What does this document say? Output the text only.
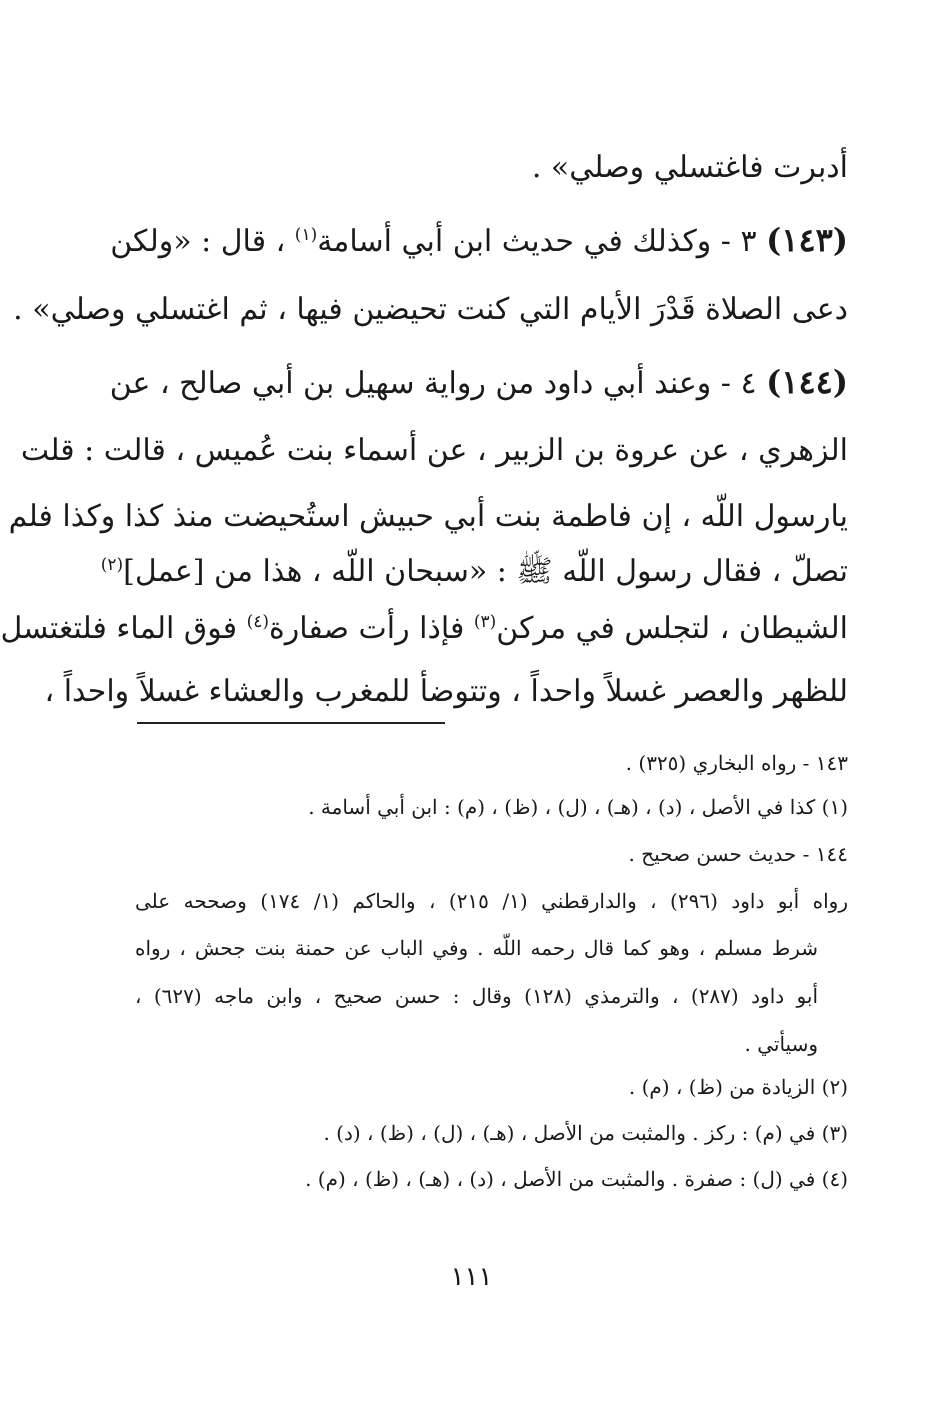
أدبرت فاغتسلي وصلي» .
(١٤٣) ٣ - وكذلك في حديث ابن أبي أسامة$^{(١)}$ ، قال : «ولكن
دعى الصلاة قَدْرَ الأيام التي كنت تحيضين فيها ، ثم اغتسلي وصلي» .
(١٤٤) ٤ - وعند أبي داود من رواية سهيل بن أبي صالح ، عن
الزهري ، عن عروة بن الزبير ، عن أسماء بنت عُميس ، قالت : قلت
يارسول اللّه ، إن فاطمة بنت أبي حبيش استُحيضت منذ كذا وكذا فلم
تصلّ ، فقال رسول اللّه ﷺ : «سبحان اللّه ، هذا من [عمل]$^{(٢)}$
الشيطان ، لتجلس في مركن$^{(٣)}$ فإذا رأت صفارة$^{(٤)}$ فوق الماء فلتغتسل
للظهر والعصر غسلاً واحداً ، وتتوضأ للمغرب والعشاء غسلاً واحداً ،
١٤٣ - رواه البخاري (٣٢٥) .
(١) كذا في الأصل ، (د) ، (هـ) ، (ل) ، (ظ) ، (م) : ابن أبي أسامة .
١٤٤ - حديث حسن صحيح .
رواه أبو داود (٢٩٦) ، والدارقطني (١/ ٢١٥) ، والحاكم (١/ ١٧٤) وصححه على
شرط مسلم ، وهو كما قال رحمه اللّه . وفي الباب عن حمنة بنت جحش ، رواه
أبو داود (٢٨٧) ، والترمذي (١٢٨) وقال : حسن صحيح ، وابن ماجه (٦٢٧) ،
وسيأتي .
(٢) الزيادة من (ظ) ، (م) .
(٣) في (م) : ركز . والمثبت من الأصل ، (هـ) ، (ل) ، (ظ) ، (د) .
(٤) في (ل) : صفرة . والمثبت من الأصل ، (د) ، (هـ) ، (ظ) ، (م) .
١١١
